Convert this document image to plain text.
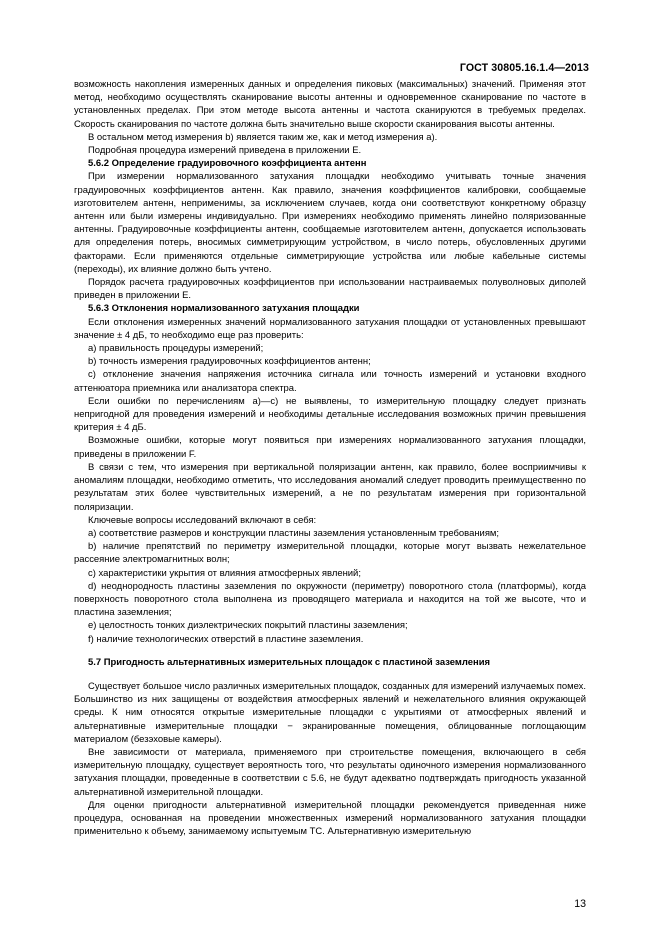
ГОСТ 30805.16.1.4—2013

возможность накопления измеренных данных и определения пиковых (максимальных) значений. Применяя этот метод, необходимо осуществлять сканирование высоты антенны и одновременное сканирование по частоте в установленных пределах. При этом методе высота антенны и частота сканируются в требуемых пределах. Скорость сканирования по частоте должна быть значительно выше скорости сканирования высоты антенны.

В остальном метод измерения b) является таким же, как и метод измерения а).

Подробная процедура измерений приведена в приложении Е.

5.6.2 Определение градуировочного коэффициента антенн

При измерении нормализованного затухания площадки необходимо учитывать точные значения градуировочных коэффициентов антенн. Как правило, значения коэффициентов калибровки, сообщаемые изготовителем антенн, неприменимы, за исключением случаев, когда они соответствуют конкретному образцу антенн или были измерены индивидуально. При измерениях необходимо применять линейно поляризованные антенны. Градуировочные коэффициенты антенн, сообщаемые изготовителем антенн, допускается использовать для определения потерь, вносимых симметрирующим устройством, в число потерь, обусловленных другими факторами. Если применяются отдельные симметрирующие устройства или любые кабельные системы (переходы), их влияние должно быть учтено.

Порядок расчета градуировочных коэффициентов при использовании настраиваемых полуволновых диполей приведен в приложении Е.

5.6.3 Отклонения нормализованного затухания площадки

Если отклонения измеренных значений нормализованного затухания площадки от установленных превышают значение ± 4 дБ, то необходимо еще раз проверить:

а) правильность процедуры измерений;

b) точность измерения градуировочных коэффициентов антенн;

с) отклонение значения напряжения источника сигнала или точность измерений и установки входного аттенюатора приемника или анализатора спектра.

Если ошибки по перечислениям а)—с) не выявлены, то измерительную площадку следует признать непригодной для проведения измерений и необходимы детальные исследования возможных причин превышения критерия ± 4 дБ.

Возможные ошибки, которые могут появиться при измерениях нормализованного затухания площадки, приведены в приложении F.

В связи с тем, что измерения при вертикальной поляризации антенн, как правило, более восприимчивы к аномалиям площадки, необходимо отметить, что исследования аномалий следует проводить преимущественно по результатам этих более чувствительных измерений, а не по результатам измерения при горизонтальной поляризации.

Ключевые вопросы исследований включают в себя:

а) соответствие размеров и конструкции пластины заземления установленным требованиям;

b) наличие препятствий по периметру измерительной площадки, которые могут вызвать нежелательное рассеяние электромагнитных волн;

с) характеристики укрытия от влияния атмосферных явлений;

d) неоднородность пластины заземления по окружности (периметру) поворотного стола (платформы), когда поверхность поворотного стола выполнена из проводящего материала и находится на той же высоте, что и пластина заземления;

е) целостность тонких диэлектрических покрытий пластины заземления;

f) наличие технологических отверстий в пластине заземления.

5.7 Пригодность альтернативных измерительных площадок с пластиной заземления

Существует большое число различных измерительных площадок, созданных для измерений излучаемых помех. Большинство из них защищены от воздействия атмосферных явлений и нежелательного влияния окружающей среды. К ним относятся открытые измерительные площадки с укрытиями от атмосферных явлений и альтернативные измерительные площадки − экранированные помещения, облицованные поглощающим материалом (безэховые камеры).

Вне зависимости от материала, применяемого при строительстве помещения, включающего в себя измерительную площадку, существует вероятность того, что результаты одиночного измерения нормализованного затухания площадки, проведенные в соответствии с 5.6, не будут адекватно подтверждать пригодность указанной альтернативной измерительной площадки.

Для оценки пригодности альтернативной измерительной площадки рекомендуется приведенная ниже процедура, основанная на проведении множественных измерений нормализованного затухания площадки применительно к объему, занимаемому испытуемым ТС. Альтернативную измерительную

13
